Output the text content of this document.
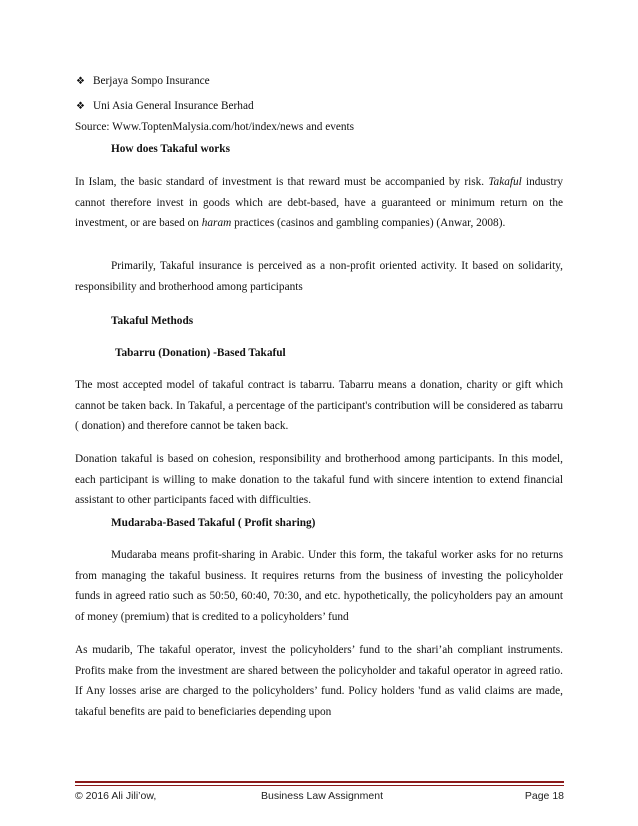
❖ Berjaya Sompo Insurance
❖ Uni Asia General Insurance Berhad
Source: Www.ToptenMalysia.com/hot/index/news and events
How does Takaful works

In Islam, the basic standard of investment is that reward must be accompanied by risk. Takaful industry cannot therefore invest in goods which are debt-based, have a guaranteed or minimum return on the investment, or are based on haram practices (casinos and gambling companies) (Anwar, 2008).

Primarily, Takaful insurance is perceived as a non-profit oriented activity. It based on solidarity, responsibility and brotherhood among participants

Takaful Methods
Tabarru (Donation) -Based Takaful

The most accepted model of takaful contract is tabarru. Tabarru means a donation, charity or gift which cannot be taken back. In Takaful, a percentage of the participant's contribution will be considered as tabarru ( donation) and therefore cannot be taken back.

Donation takaful is based on cohesion, responsibility and brotherhood among participants. In this model, each participant is willing to make donation to the takaful fund with sincere intention to extend financial assistant to other participants faced with difficulties.

Mudaraba-Based Takaful ( Profit sharing)

Mudaraba means profit-sharing in Arabic. Under this form, the takaful worker asks for no returns from managing the takaful business. It requires returns from the business of investing the policyholder funds in agreed ratio such as 50:50, 60:40, 70:30, and etc. hypothetically, the policyholders pay an amount of money (premium) that is credited to a policyholders’ fund

As mudarib, The takaful operator, invest the policyholders’ fund to the shari’ah compliant instruments. Profits make from the investment are shared between the policyholder and takaful operator in agreed ratio. If Any losses arise are charged to the policyholders’ fund. Policy holders 'fund as valid claims are made, takaful benefits are paid to beneficiaries depending upon

© 2016 Ali Jili’ow,	Business Law Assignment	Page 18
